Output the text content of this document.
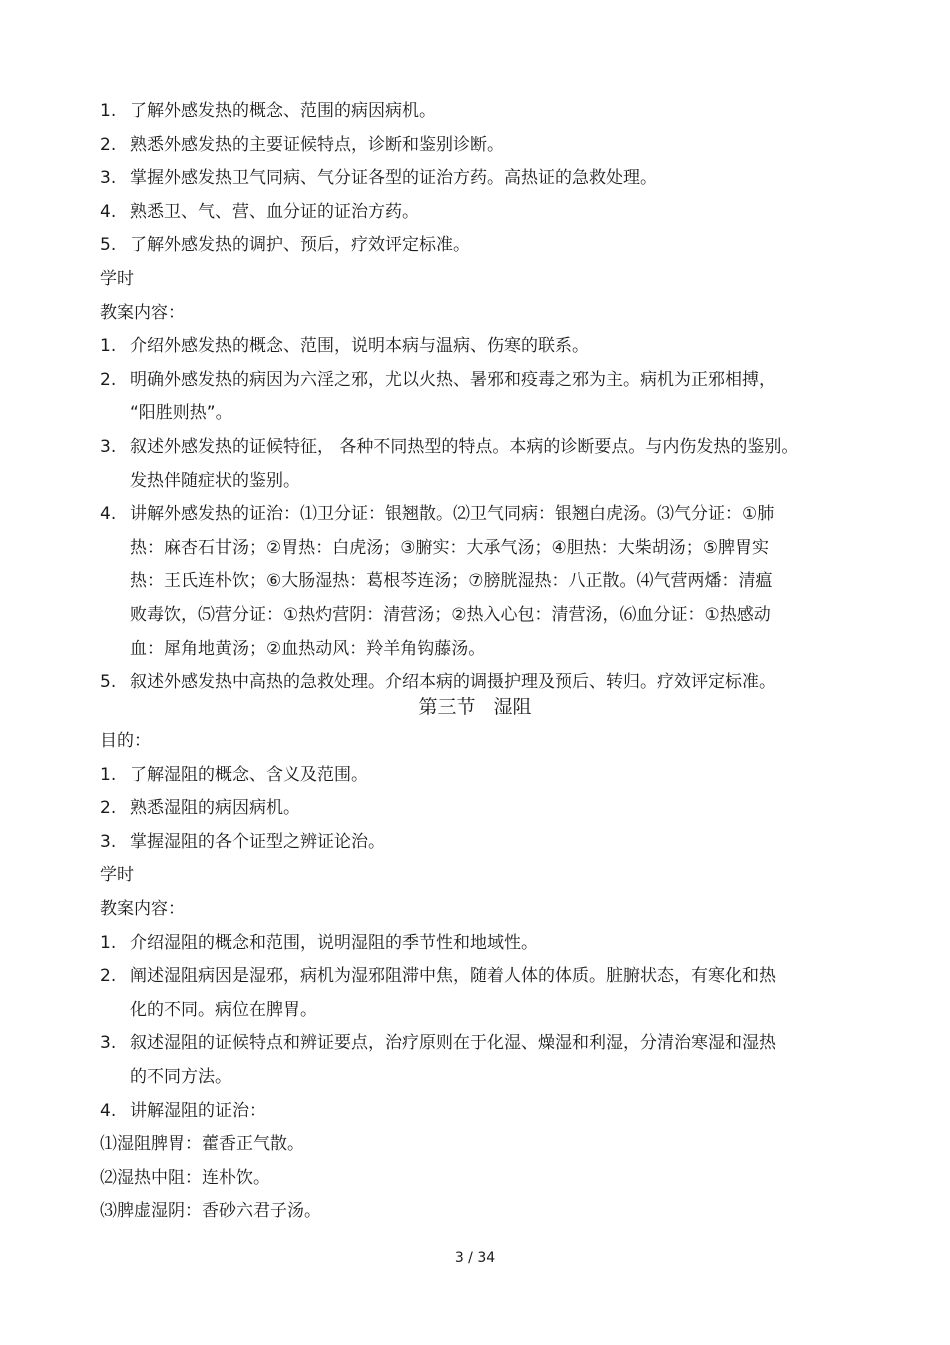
1. 了解外感发热的概念、范围的病因病机。
2. 熟悉外感发热的主要证候特点，诊断和鉴别诊断。
3. 掌握外感发热卫气同病、气分证各型的证治方药。高热证的急救处理。
4. 熟悉卫、气、营、血分证的证治方药。
5. 了解外感发热的调护、预后，疗效评定标准。
学时
教案内容：
1. 介绍外感发热的概念、范围，说明本病与温病、伤寒的联系。
2. 明确外感发热的病因为六淫之邪，尤以火热、暑邪和疫毒之邪为主。病机为正邪相搏，
“阳胜则热”。
3. 叙述外感发热的证候特征， 各种不同热型的特点。本病的诊断要点。与内伤发热的鉴别。
发热伴随症状的鉴别。
4. 讲解外感发热的证治：⑴卫分证：银翘散。⑵卫气同病：银翘白虎汤。⑶气分证：①肺
热：麻杏石甘汤；②胃热：白虎汤；③腑实：大承气汤；④胆热：大柴胡汤；⑤脾胃实
热：王氏连朴饮；⑥大肠湿热：葛根芩连汤；⑦膀胱湿热：八正散。⑷气营两燔：清瘟
败毒饮，⑸营分证：①热灼营阴：清营汤；②热入心包：清营汤，⑹血分证：①热感动
血：犀角地黄汤；②血热动风：羚羊角钩藤汤。
5. 叙述外感发热中高热的急救处理。介绍本病的调摄护理及预后、转归。疗效评定标准。
第三节   湿阻
目的：
1. 了解湿阻的概念、含义及范围。
2. 熟悉湿阻的病因病机。
3. 掌握湿阻的各个证型之辨证论治。
学时
教案内容：
1. 介绍湿阻的概念和范围，说明湿阻的季节性和地域性。
2. 阐述湿阻病因是湿邪，病机为湿邪阻滞中焦，随着人体的体质。脏腑状态，有寒化和热
化的不同。病位在脾胃。
3. 叙述湿阻的证候特点和辨证要点，治疗原则在于化湿、燥湿和利湿，分清治寒湿和湿热
的不同方法。
4. 讲解湿阻的证治：
⑴湿阻脾胃：藿香正气散。
⑵湿热中阻：连朴饮。
⑶脾虚湿阴：香砂六君子汤。
3 / 34
